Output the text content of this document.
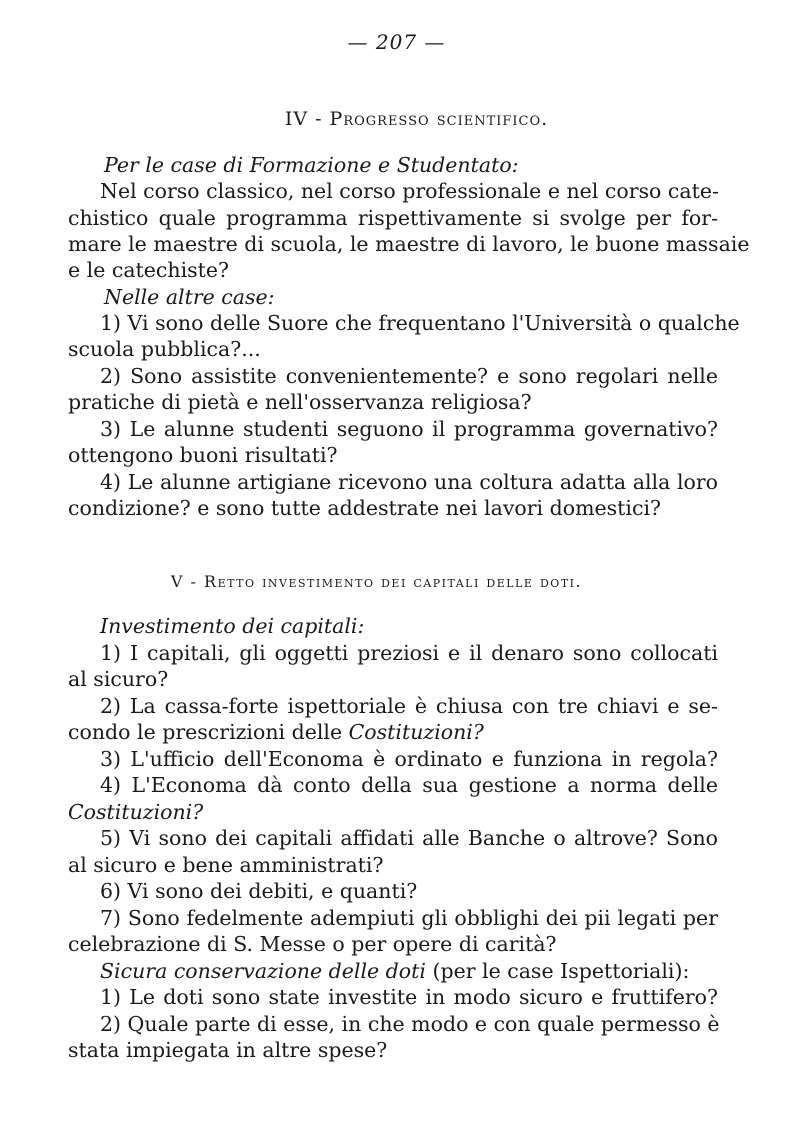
— 207 —
IV - Progresso scientifico.
Per le case di Formazione e Studentato:
Nel corso classico, nel corso professionale e nel corso cate-
chistico quale programma rispettivamente si svolge per for-
mare le maestre di scuola, le maestre di lavoro, le buone massaie
e le catechiste?
Nelle altre case:
1) Vi sono delle Suore che frequentano l'Università o qualche
scuola pubblica?...
2) Sono assistite convenientemente? e sono regolari nelle
pratiche di pietà e nell'osservanza religiosa?
3) Le alunne studenti seguono il programma governativo?
ottengono buoni risultati?
4) Le alunne artigiane ricevono una coltura adatta alla loro
condizione? e sono tutte addestrate nei lavori domestici?
V - Retto investimento dei capitali delle doti.
Investimento dei capitali:
1) I capitali, gli oggetti preziosi e il denaro sono collocati
al sicuro?
2) La cassa-forte ispettoriale è chiusa con tre chiavi e se-
condo le prescrizioni delle Costituzioni?
3) L'ufficio dell'Economa è ordinato e funziona in regola?
4) L'Economa dà conto della sua gestione a norma delle
Costituzioni?
5) Vi sono dei capitali affidati alle Banche o altrove? Sono
al sicuro e bene amministrati?
6) Vi sono dei debiti, e quanti?
7) Sono fedelmente adempiuti gli obblighi dei pii legati per
celebrazione di S. Messe o per opere di carità?
Sicura conservazione delle doti (per le case Ispettoriali):
1) Le doti sono state investite in modo sicuro e fruttifero?
2) Quale parte di esse, in che modo e con quale permesso è
stata impiegata in altre spese?
